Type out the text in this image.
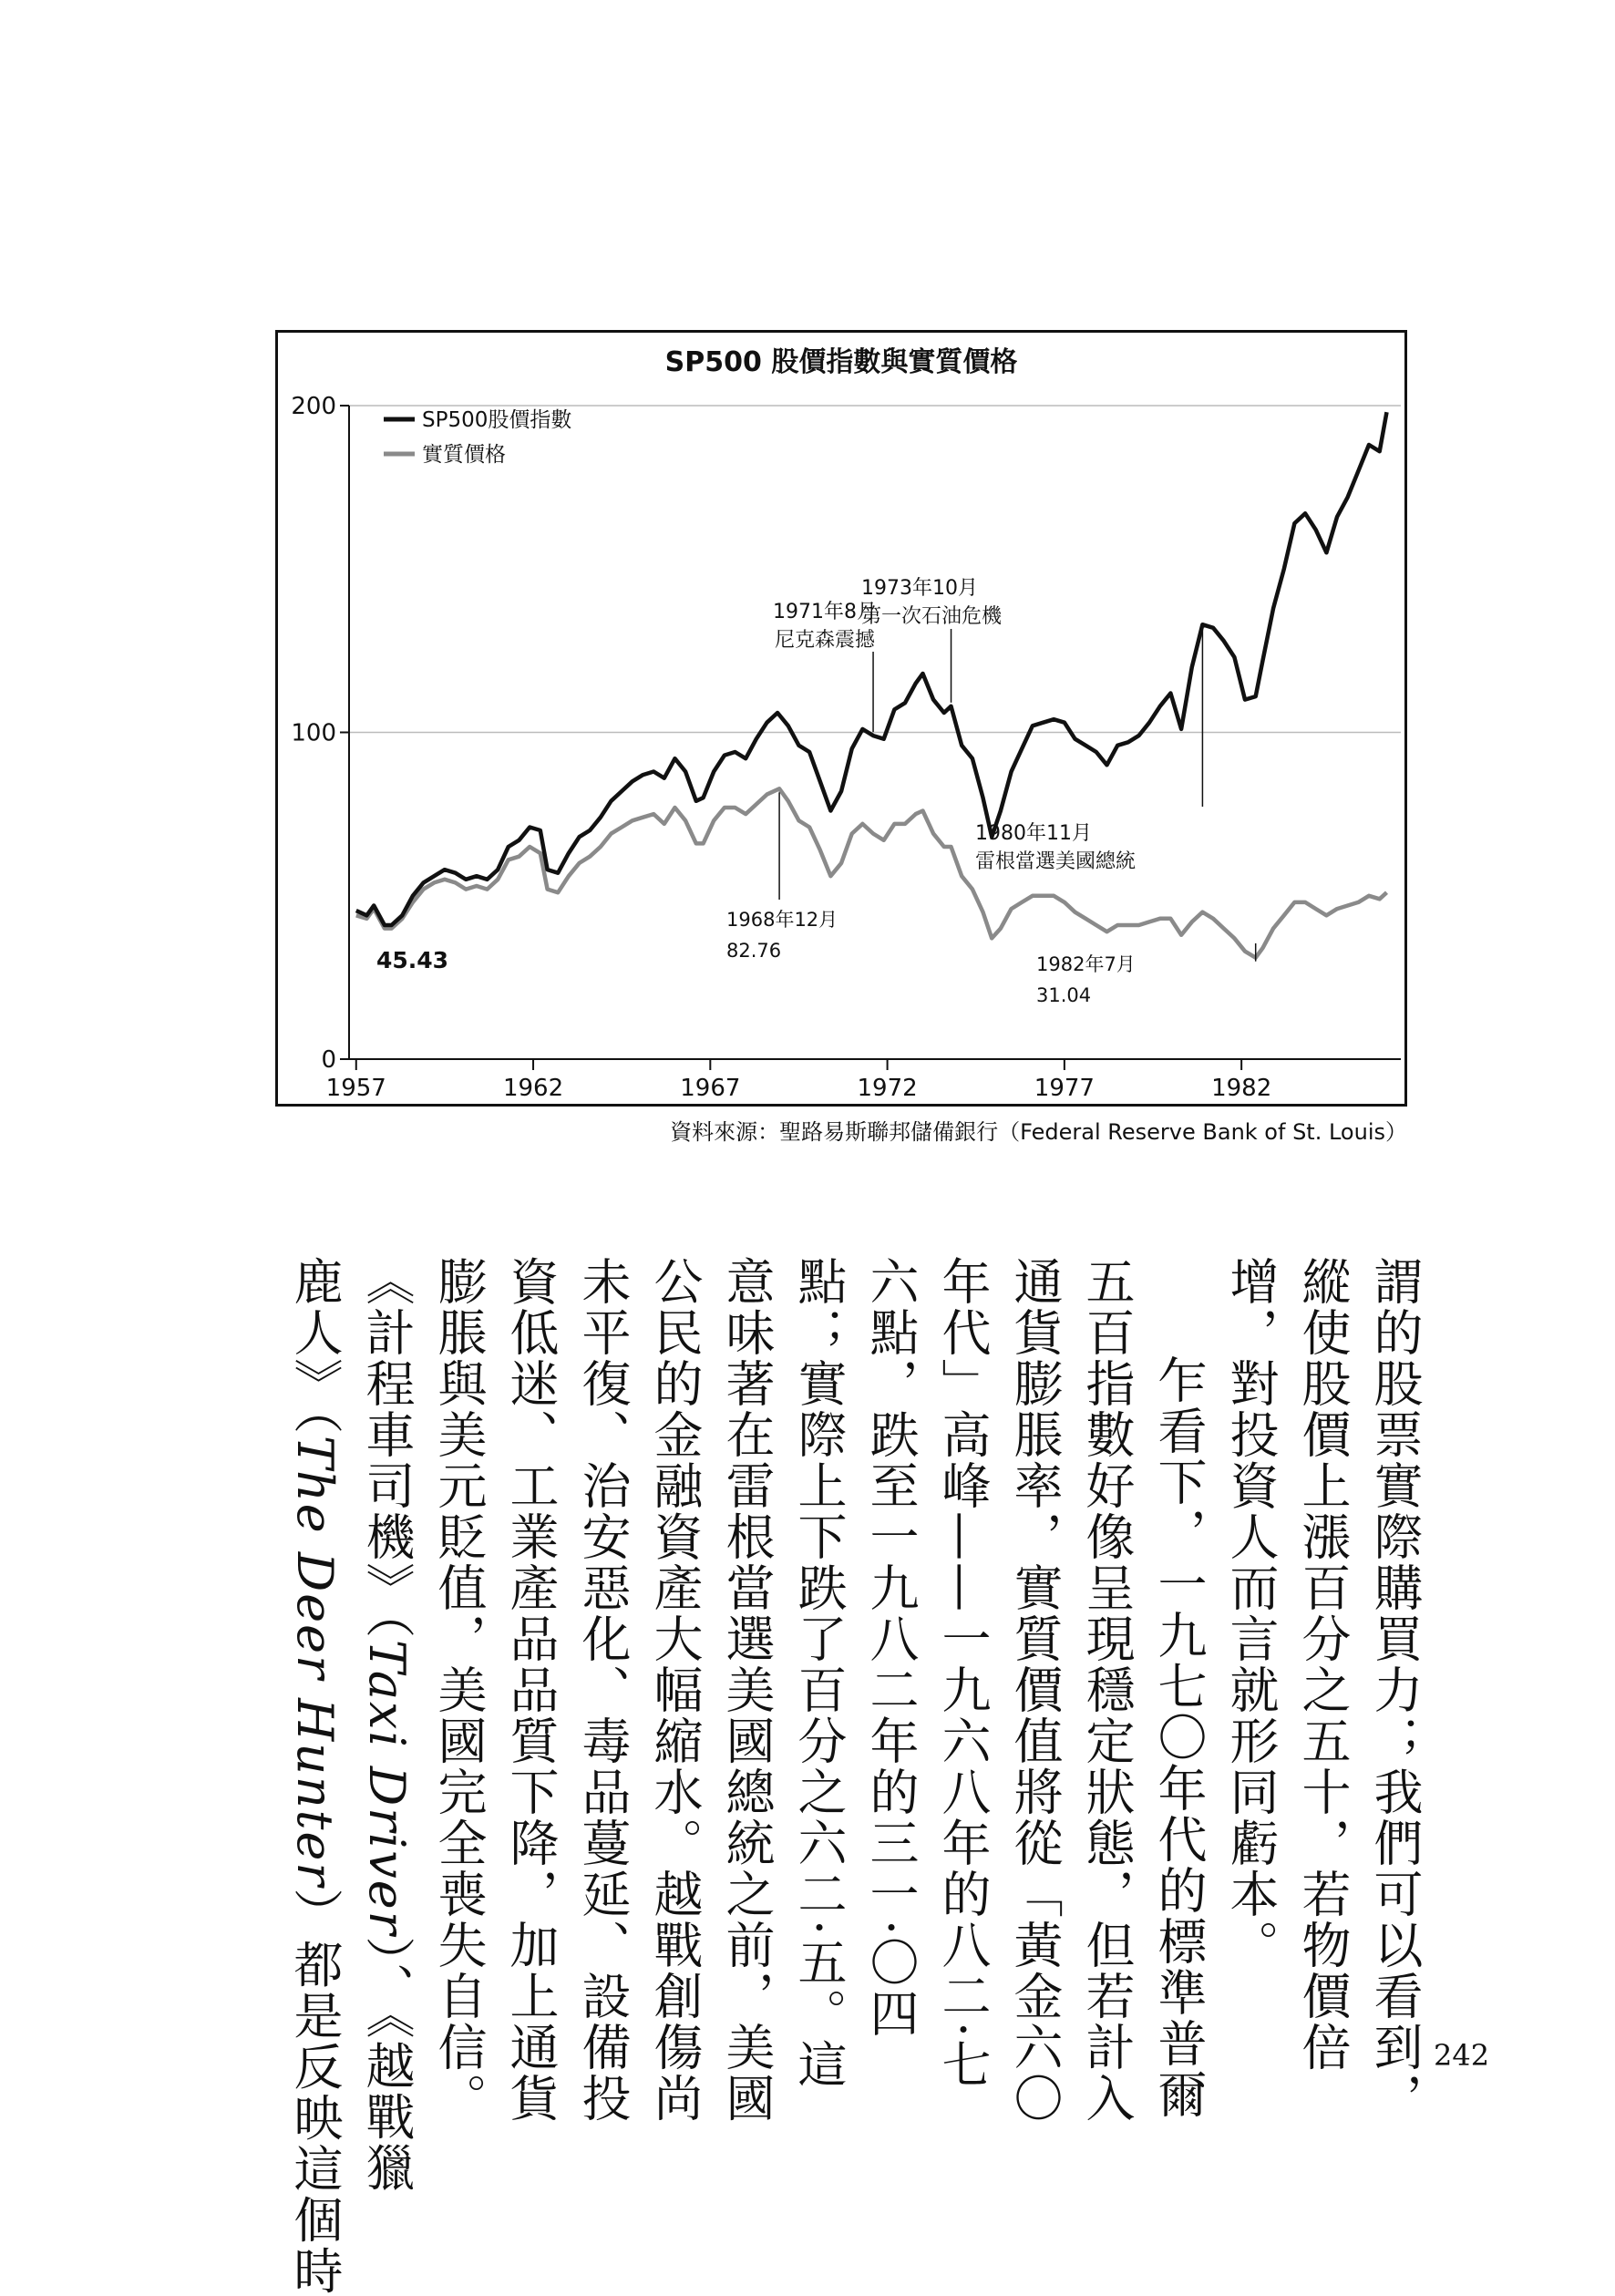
SP500 股價指數與實質價格
0
100
200
1957	1962	1967	1972	1977	1982
SP500股價指數
實質價格
45.43
1968年12月
82.76
1971年8月
尼克森震撼
1973年10月
第一次石油危機
1980年11月
雷根當選美國總統
1982年7月
31.04
資料來源：聖路易斯聯邦儲備銀行（Federal Reserve Bank of St. Louis）
謂的股票實際購買力；我們可以看到，
縱使股價上漲百分之五十，若物價倍
增，對投資人而言就形同虧本。
乍看下，一九七〇年代的標準普爾
五百指數好像呈現穩定狀態，但若計入
通貨膨脹率，實質價值將從「黃金六〇
年代」高峰——一九六八年的八二·七
六點，跌至一九八二年的三一·〇四
點；實際上下跌了百分之六二·五。這
意味著在雷根當選美國總統之前，美國
公民的金融資產大幅縮水。越戰創傷尚
未平復、治安惡化、毒品蔓延、設備投
資低迷、工業產品品質下降，加上通貨
膨脹與美元貶值，美國完全喪失自信。
《計程車司機》（Taxi Driver）、《越戰獵
鹿人》（The Deer Hunter）都是反映這個時	242
